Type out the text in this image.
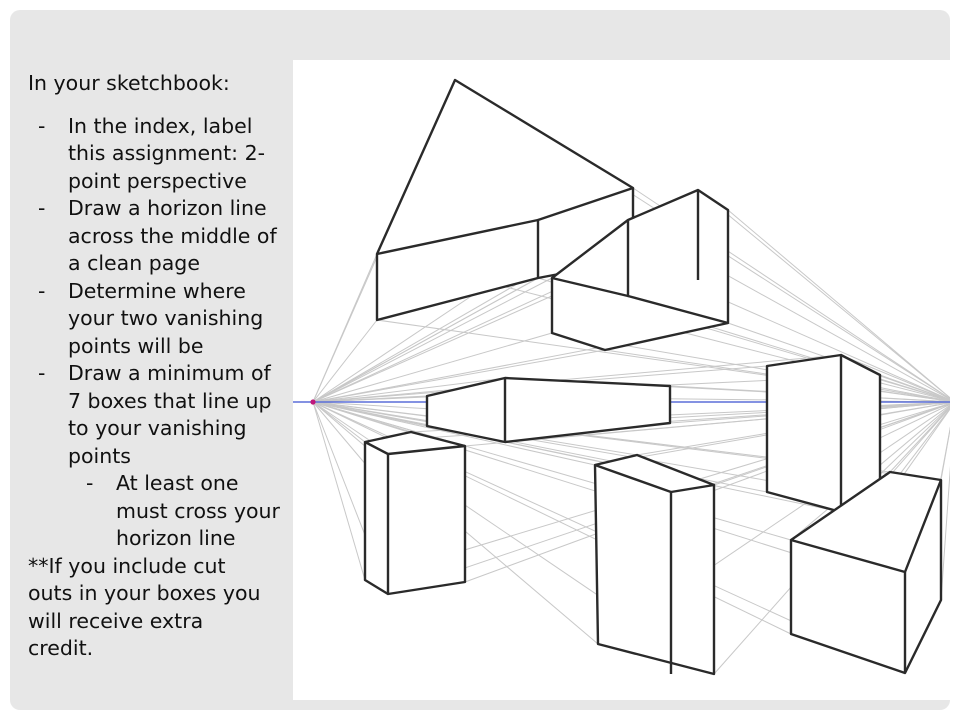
In your sketchbook:
- In the index, label
this assignment: 2-
point perspective
- Draw a horizon line
across the middle of
a clean page
- Determine where
your two vanishing
points will be
- Draw a minimum of
7 boxes that line up
to your vanishing
points
- At least one
must cross your
horizon line
**If you include cut
outs in your boxes you
will receive extra
credit.
